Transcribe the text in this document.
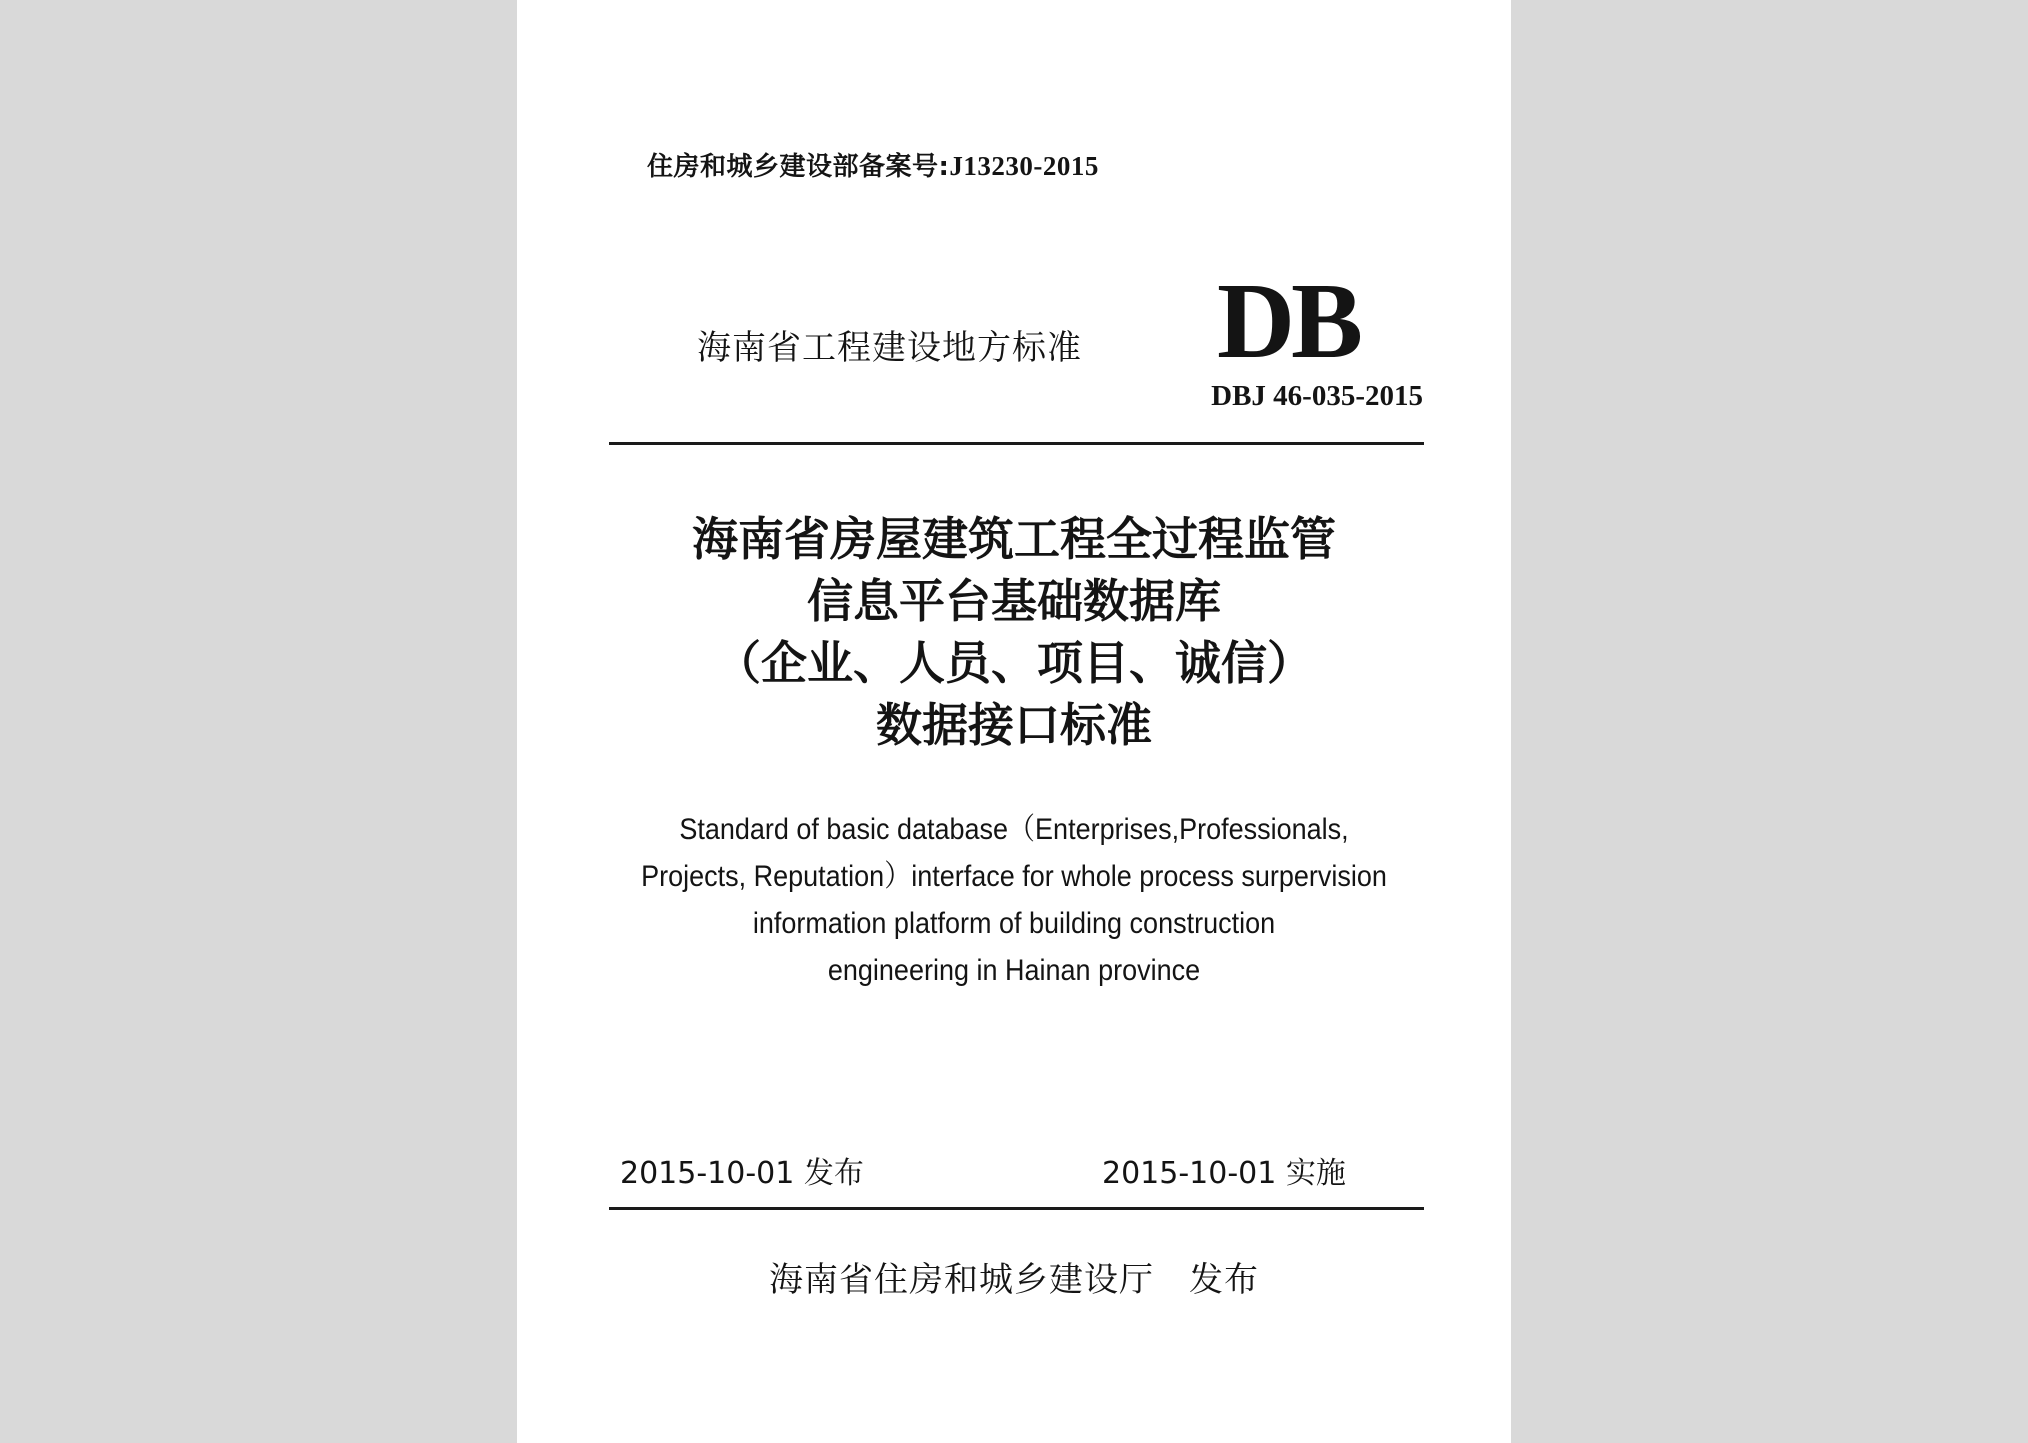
住房和城乡建设部备案号:J13230-2015
海南省工程建设地方标准 DB
DBJ 46-035-2015
海南省房屋建筑工程全过程监管
信息平台基础数据库
（企业、人员、项目、诚信）
数据接口标准
Standard of basic database（Enterprises,Professionals,
Projects, Reputation）interface for whole process surpervision
information platform of building construction
engineering in Hainan province
2015-10-01 发布	2015-10-01 实施
海南省住房和城乡建设厅　发布
